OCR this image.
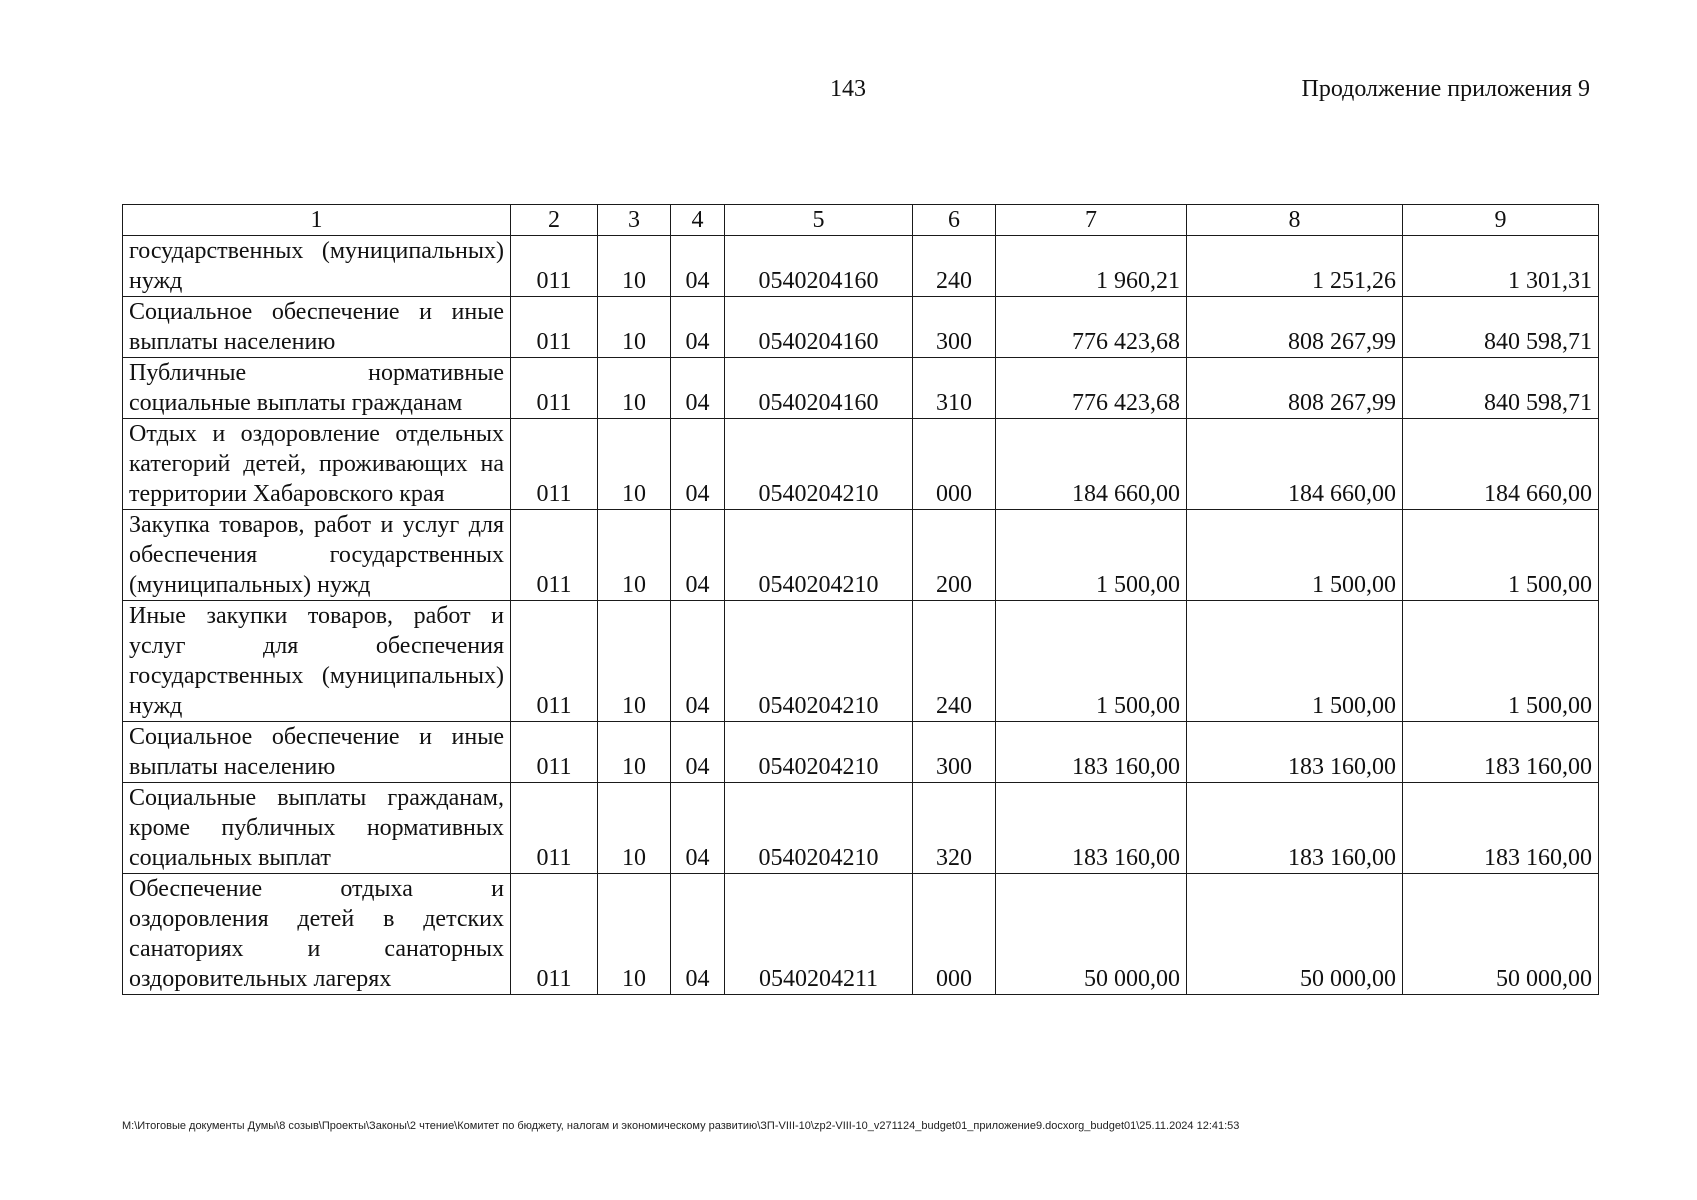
143	Продолжение приложения 9
1	2	3	4	5	6	7	8	9
государственных (муниципальных) нужд	011	10	04	0540204160	240	1 960,21	1 251,26	1 301,31
Социальное обеспечение и иные выплаты населению	011	10	04	0540204160	300	776 423,68	808 267,99	840 598,71
Публичные нормативные социальные выплаты гражданам	011	10	04	0540204160	310	776 423,68	808 267,99	840 598,71
Отдых и оздоровление отдельных категорий детей, проживающих на территории Хабаровского края	011	10	04	0540204210	000	184 660,00	184 660,00	184 660,00
Закупка товаров, работ и услуг для обеспечения государственных (муниципальных) нужд	011	10	04	0540204210	200	1 500,00	1 500,00	1 500,00
Иные закупки товаров, работ и услуг для обеспечения государственных (муниципальных) нужд	011	10	04	0540204210	240	1 500,00	1 500,00	1 500,00
Социальное обеспечение и иные выплаты населению	011	10	04	0540204210	300	183 160,00	183 160,00	183 160,00
Социальные выплаты гражданам, кроме публичных нормативных социальных выплат	011	10	04	0540204210	320	183 160,00	183 160,00	183 160,00
Обеспечение отдыха и оздоровления детей в детских санаториях и санаторных оздоровительных лагерях	011	10	04	0540204211	000	50 000,00	50 000,00	50 000,00
M:\Итоговые документы Думы\8 созыв\Проекты\Законы\2 чтение\Комитет по бюджету, налогам и экономическому развитию\ЗП-VIII-10\zp2-VIII-10_v271124_budget01_приложение9.docxorg_budget01\25.11.2024 12:41:53
